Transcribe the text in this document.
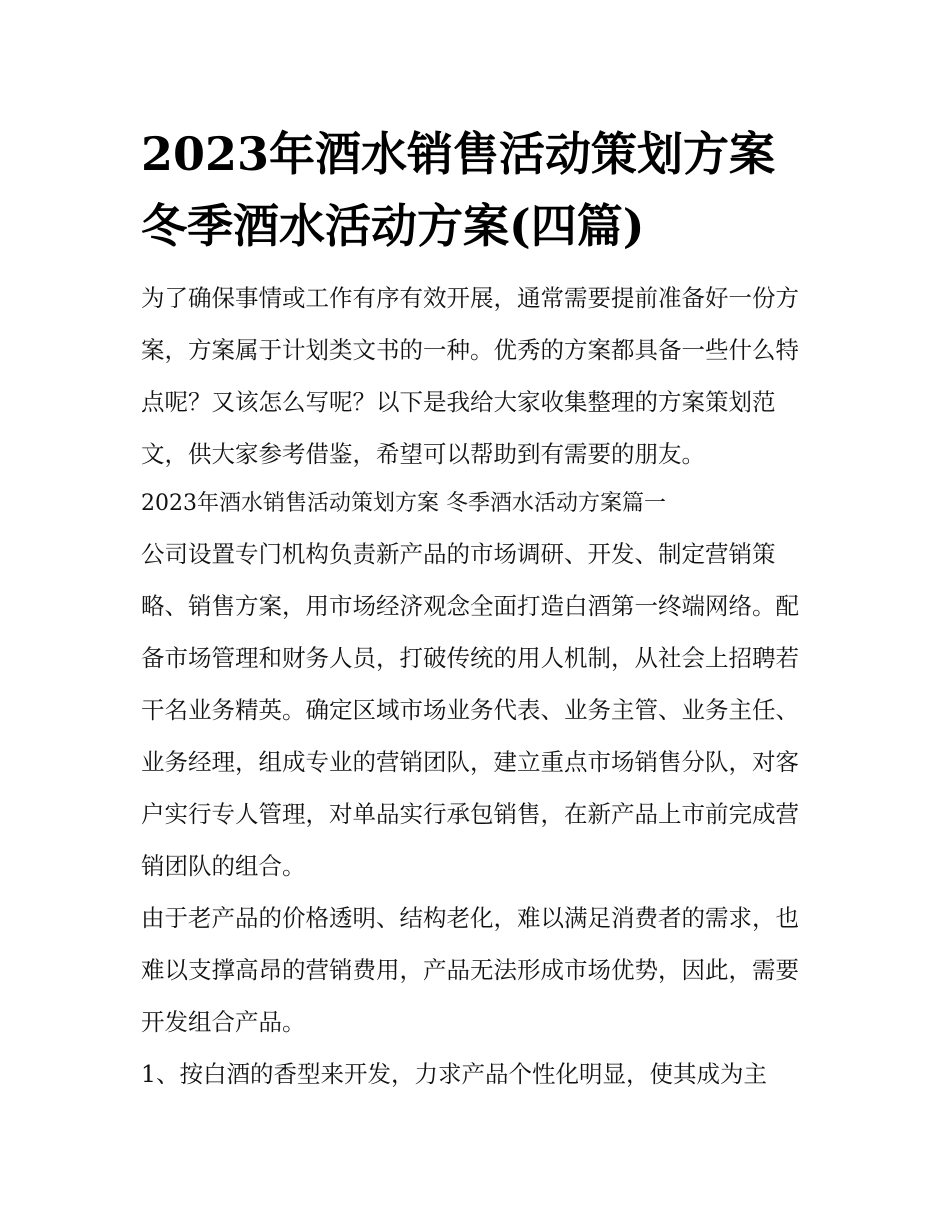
2023年酒水销售活动策划方案
冬季酒水活动方案(四篇)

为了确保事情或工作有序有效开展，通常需要提前准备好一份方案，方案属于计划类文书的一种。优秀的方案都具备一些什么特点呢？又该怎么写呢？以下是我给大家收集整理的方案策划范文，供大家参考借鉴，希望可以帮助到有需要的朋友。

2023年酒水销售活动策划方案 冬季酒水活动方案篇一

公司设置专门机构负责新产品的市场调研、开发、制定营销策略、销售方案，用市场经济观念全面打造白酒第一终端网络。配备市场管理和财务人员，打破传统的用人机制，从社会上招聘若干名业务精英。确定区域市场业务代表、业务主管、业务主任、业务经理，组成专业的营销团队，建立重点市场销售分队，对客户实行专人管理，对单品实行承包销售，在新产品上市前完成营销团队的组合。

由于老产品的价格透明、结构老化，难以满足消费者的需求，也难以支撑高昂的营销费用，产品无法形成市场优势，因此，需要开发组合产品。

1、按白酒的香型来开发，力求产品个性化明显，使其成为主
